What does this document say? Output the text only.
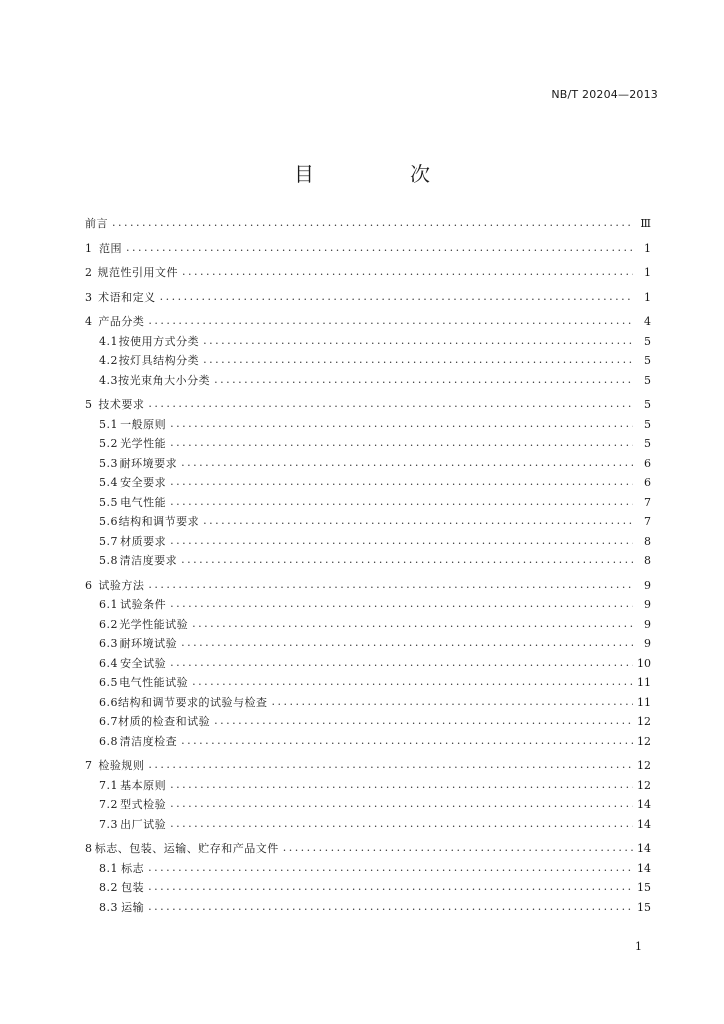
NB/T 20204—2013
目　次
前言 . . .	Ⅲ
1 范围 . . .	1
2 规范性引用文件 . . .	1
3 术语和定义 . . .	1
4 产品分类 . . .	4
4.1 按使用方式分类 . . .	5
4.2 按灯具结构分类 . . .	5
4.3 按光束角大小分类 . . .	5
5 技术要求 . . .	5
5.1 一般原则 . . .	5
5.2 光学性能 . . .	5
5.3 耐环境要求 . . .	6
5.4 安全要求 . . .	6
5.5 电气性能 . . .	7
5.6 结构和调节要求 . . .	7
5.7 材质要求 . . .	8
5.8 清洁度要求 . . .	8
6 试验方法 . . .	9
6.1 试验条件 . . .	9
6.2 光学性能试验 . . .	9
6.3 耐环境试验 . . .	9
6.4 安全试验 . . .	10
6.5 电气性能试验 . . .	11
6.6 结构和调节要求的试验与检查 . . .	11
6.7 材质的检查和试验 . . .	12
6.8 清洁度检查 . . .	12
7 检验规则 . . .	12
7.1 基本原则 . . .	12
7.2 型式检验 . . .	14
7.3 出厂试验 . . .	14
8 标志、包装、运输、贮存和产品文件 . . .	14
8.1 标志 . . .	14
8.2 包装 . . .	15
8.3 运输 . . .	15
1
